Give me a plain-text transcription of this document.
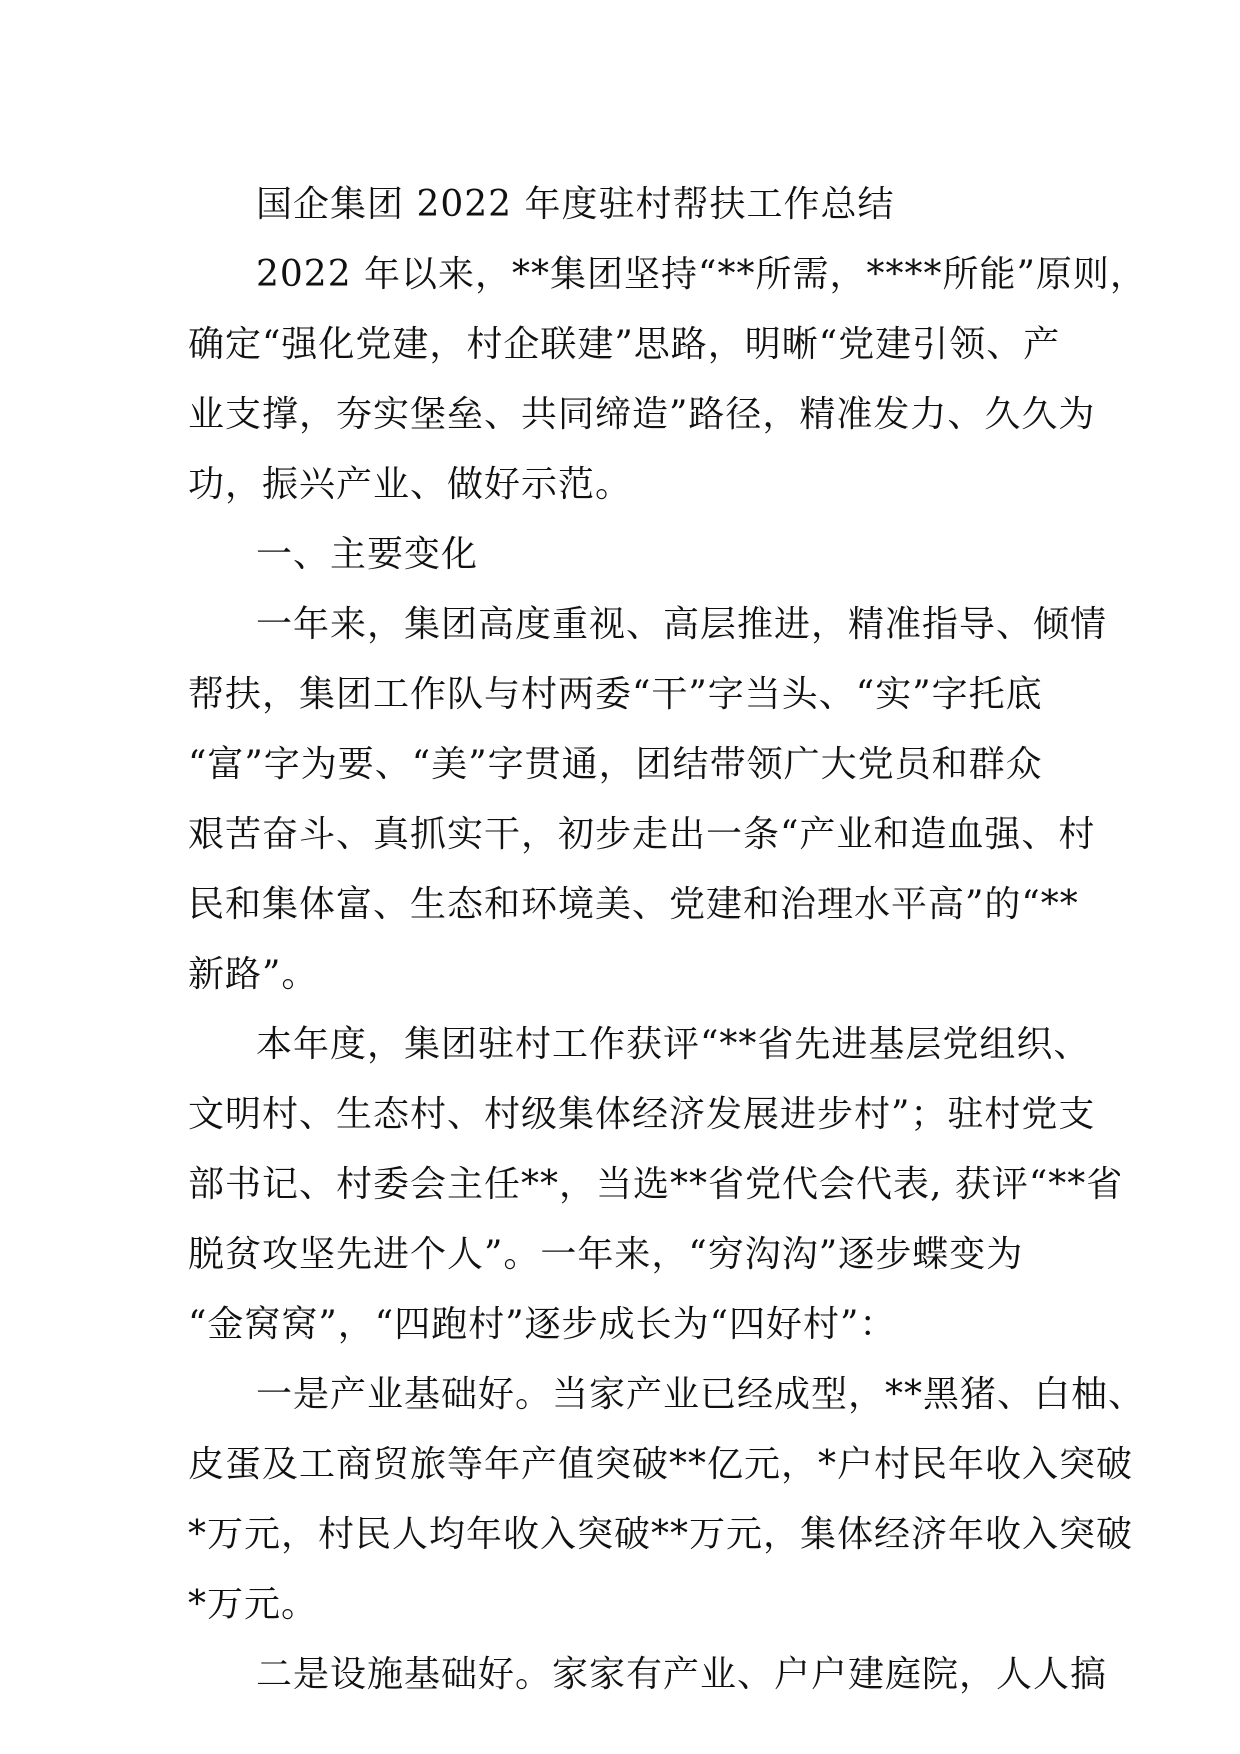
国企集团 2022 年度驻村帮扶工作总结
2022 年以来，**集团坚持“**所需，****所能”原则，
确定“强化党建，村企联建”思路，明晰“党建引领、产
业支撑，夯实堡垒、共同缔造”路径，精准发力、久久为
功，振兴产业、做好示范。
一、主要变化
一年来，集团高度重视、高层推进，精准指导、倾情
帮扶，集团工作队与村两委“干”字当头、“实”字托底
“富”字为要、“美”字贯通，团结带领广大党员和群众
艰苦奋斗、真抓实干，初步走出一条“产业和造血强、村
民和集体富、生态和环境美、党建和治理水平高”的“**
新路”。
本年度，集团驻村工作获评“**省先进基层党组织、
文明村、生态村、村级集体经济发展进步村”；驻村党支
部书记、村委会主任**，当选**省党代会代表, 获评“**省
脱贫攻坚先进个人”。一年来，“穷沟沟”逐步蝶变为
“金窝窝”，“四跑村”逐步成长为“四好村”：
一是产业基础好。当家产业已经成型，**黑猪、白柚、
皮蛋及工商贸旅等年产值突破**亿元，*户村民年收入突破
*万元，村民人均年收入突破**万元，集体经济年收入突破
*万元。
二是设施基础好。家家有产业、户户建庭院，人人搞
